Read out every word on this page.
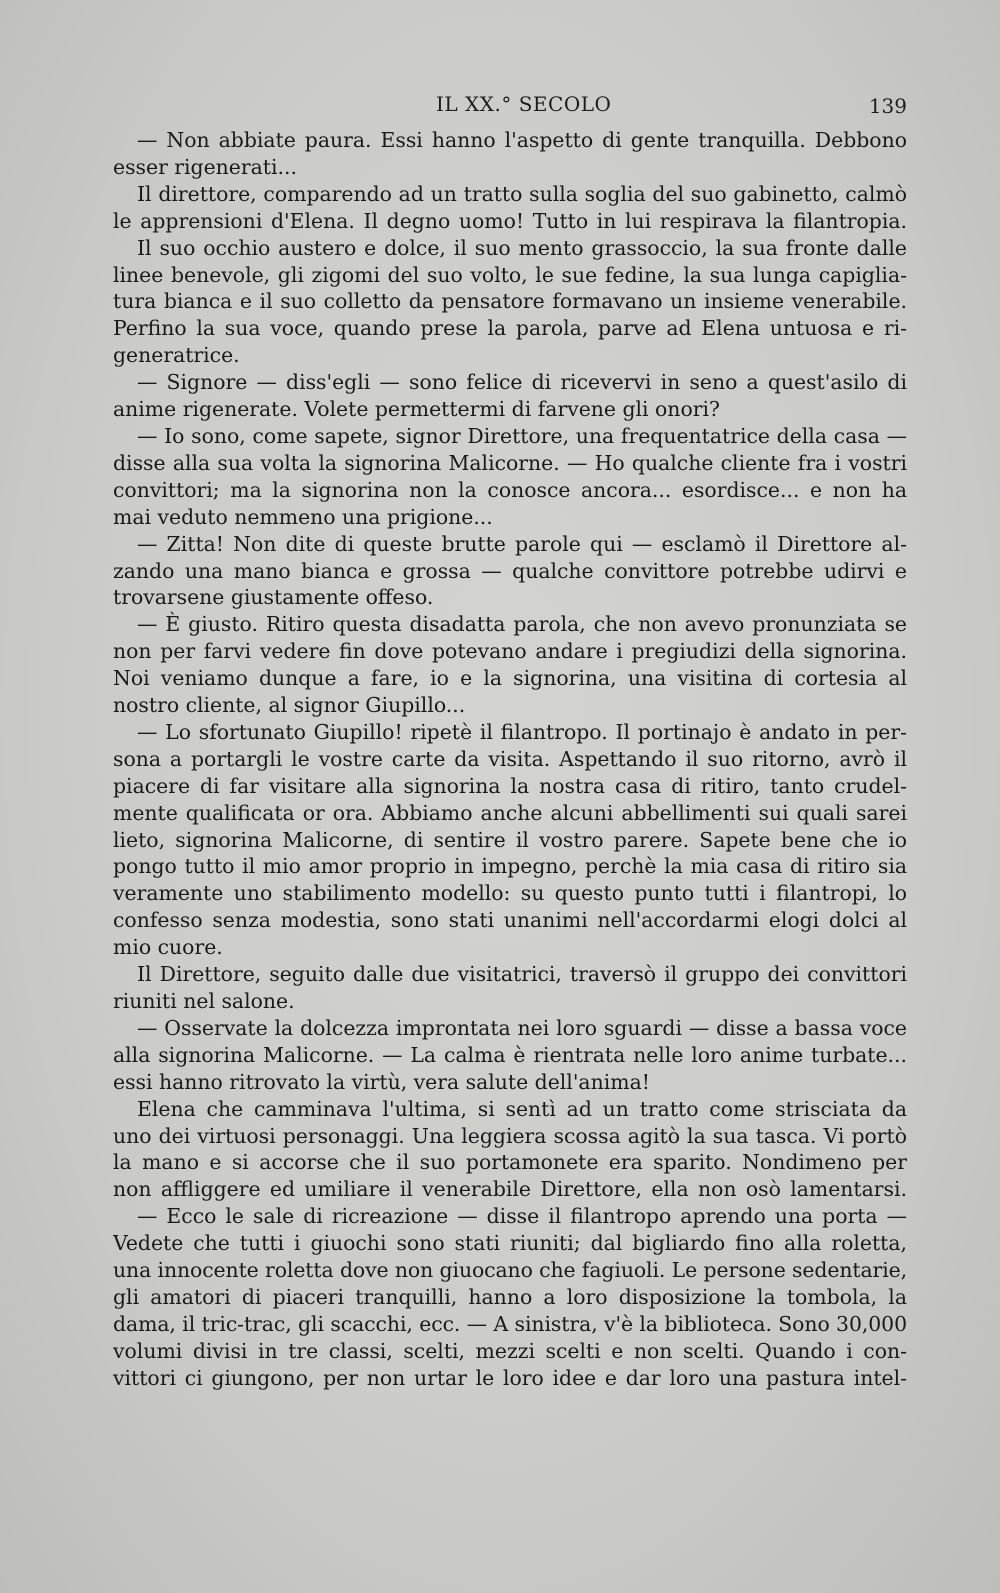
IL XX.° SECOLO	139
— Non abbiate paura. Essi hanno l'aspetto di gente tranquilla. Debbono
esser rigenerati...
Il direttore, comparendo ad un tratto sulla soglia del suo gabinetto, calmò
le apprensioni d'Elena. Il degno uomo! Tutto in lui respirava la filantropia.
Il suo occhio austero e dolce, il suo mento grassoccio, la sua fronte dalle
linee benevole, gli zigomi del suo volto, le sue fedine, la sua lunga capiglia-
tura bianca e il suo colletto da pensatore formavano un insieme venerabile.
Perfino la sua voce, quando prese la parola, parve ad Elena untuosa e ri-
generatrice.
— Signore — diss'egli — sono felice di ricevervi in seno a quest'asilo di
anime rigenerate. Volete permettermi di farvene gli onori?
— Io sono, come sapete, signor Direttore, una frequentatrice della casa —
disse alla sua volta la signorina Malicorne. — Ho qualche cliente fra i vostri
convittori; ma la signorina non la conosce ancora... esordisce... e non ha
mai veduto nemmeno una prigione...
— Zitta! Non dite di queste brutte parole qui — esclamò il Direttore al-
zando una mano bianca e grossa — qualche convittore potrebbe udirvi e
trovarsene giustamente offeso.
— È giusto. Ritiro questa disadatta parola, che non avevo pronunziata se
non per farvi vedere fin dove potevano andare i pregiudizi della signorina.
Noi veniamo dunque a fare, io e la signorina, una visitina di cortesia al
nostro cliente, al signor Giupillo...
— Lo sfortunato Giupillo! ripetè il filantropo. Il portinajo è andato in per-
sona a portargli le vostre carte da visita. Aspettando il suo ritorno, avrò il
piacere di far visitare alla signorina la nostra casa di ritiro, tanto crudel-
mente qualificata or ora. Abbiamo anche alcuni abbellimenti sui quali sarei
lieto, signorina Malicorne, di sentire il vostro parere. Sapete bene che io
pongo tutto il mio amor proprio in impegno, perchè la mia casa di ritiro sia
veramente uno stabilimento modello: su questo punto tutti i filantropi, lo
confesso senza modestia, sono stati unanimi nell'accordarmi elogi dolci al
mio cuore.
Il Direttore, seguito dalle due visitatrici, traversò il gruppo dei convittori
riuniti nel salone.
— Osservate la dolcezza improntata nei loro sguardi — disse a bassa voce
alla signorina Malicorne. — La calma è rientrata nelle loro anime turbate...
essi hanno ritrovato la virtù, vera salute dell'anima!
Elena che camminava l'ultima, si sentì ad un tratto come strisciata da
uno dei virtuosi personaggi. Una leggiera scossa agitò la sua tasca. Vi portò
la mano e si accorse che il suo portamonete era sparito. Nondimeno per
non affliggere ed umiliare il venerabile Direttore, ella non osò lamentarsi.
— Ecco le sale di ricreazione — disse il filantropo aprendo una porta —
Vedete che tutti i giuochi sono stati riuniti; dal bigliardo fino alla roletta,
una innocente roletta dove non giuocano che fagiuoli. Le persone sedentarie,
gli amatori di piaceri tranquilli, hanno a loro disposizione la tombola, la
dama, il tric-trac, gli scacchi, ecc. — A sinistra, v'è la biblioteca. Sono 30,000
volumi divisi in tre classi, scelti, mezzi scelti e non scelti. Quando i con-
vittori ci giungono, per non urtar le loro idee e dar loro una pastura intel-
